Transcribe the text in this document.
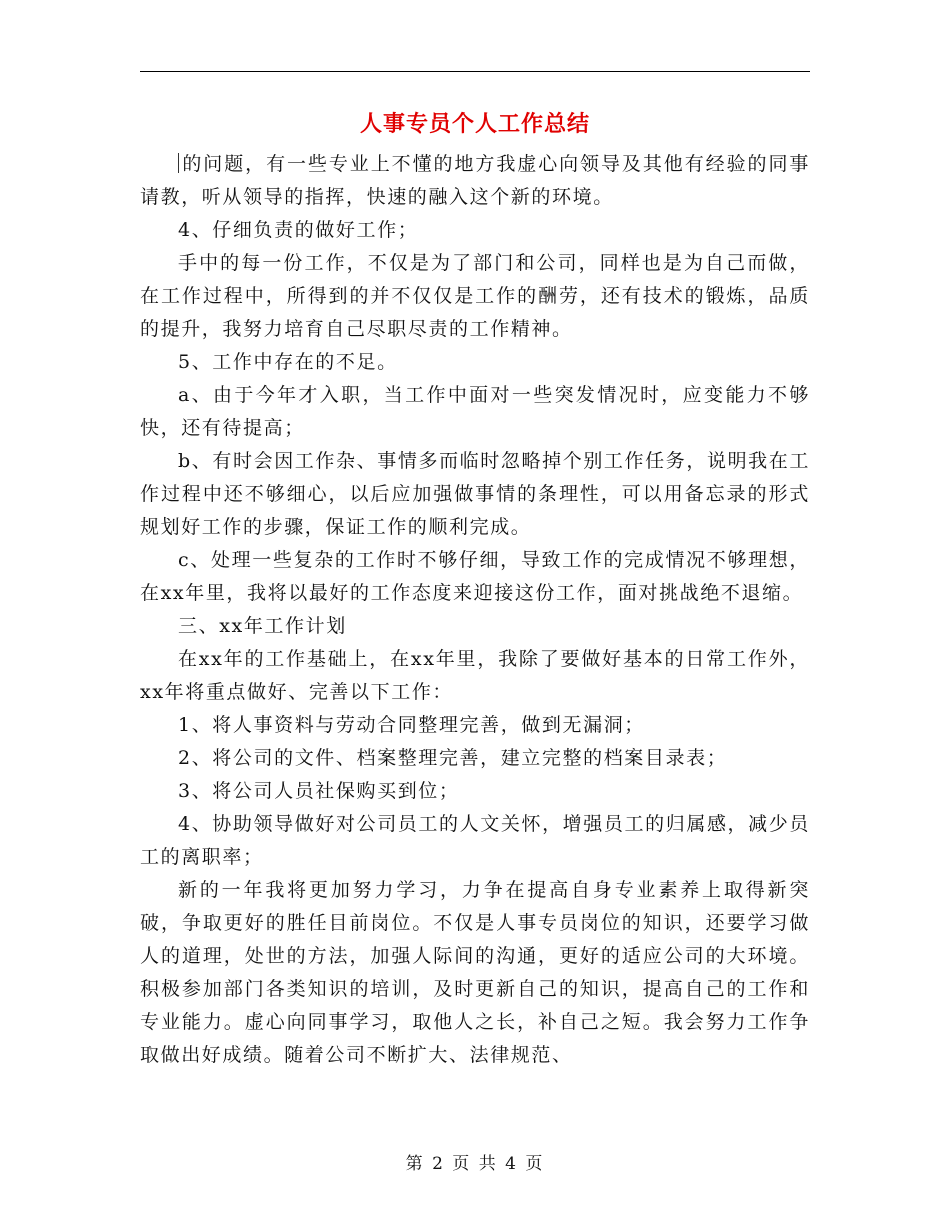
人事专员个人工作总结

的问题，有一些专业上不懂的地方我虚心向领导及其他有经验的同事请教，听从领导的指挥，快速的融入这个新的环境。

4、仔细负责的做好工作；

手中的每一份工作，不仅是为了部门和公司，同样也是为自己而做，在工作过程中，所得到的并不仅仅是工作的酬劳，还有技术的锻炼，品质的提升，我努力培育自己尽职尽责的工作精神。

5、工作中存在的不足。

a、由于今年才入职，当工作中面对一些突发情况时，应变能力不够快，还有待提高；

b、有时会因工作杂、事情多而临时忽略掉个别工作任务，说明我在工作过程中还不够细心，以后应加强做事情的条理性，可以用备忘录的形式规划好工作的步骤，保证工作的顺利完成。

c、处理一些复杂的工作时不够仔细，导致工作的完成情况不够理想，在xx年里，我将以最好的工作态度来迎接这份工作，面对挑战绝不退缩。

三、xx年工作计划

在xx年的工作基础上，在xx年里，我除了要做好基本的日常工作外，xx年将重点做好、完善以下工作：

1、将人事资料与劳动合同整理完善，做到无漏洞；

2、将公司的文件、档案整理完善，建立完整的档案目录表；

3、将公司人员社保购买到位；

4、协助领导做好对公司员工的人文关怀，增强员工的归属感，减少员工的离职率；

新的一年我将更加努力学习，力争在提高自身专业素养上取得新突破，争取更好的胜任目前岗位。不仅是人事专员岗位的知识，还要学习做人的道理，处世的方法，加强人际间的沟通，更好的适应公司的大环境。积极参加部门各类知识的培训，及时更新自己的知识，提高自己的工作和专业能力。虚心向同事学习，取他人之长，补自己之短。我会努力工作争取做出好成绩。随着公司不断扩大、法律规范、

第 2 页 共 4 页
